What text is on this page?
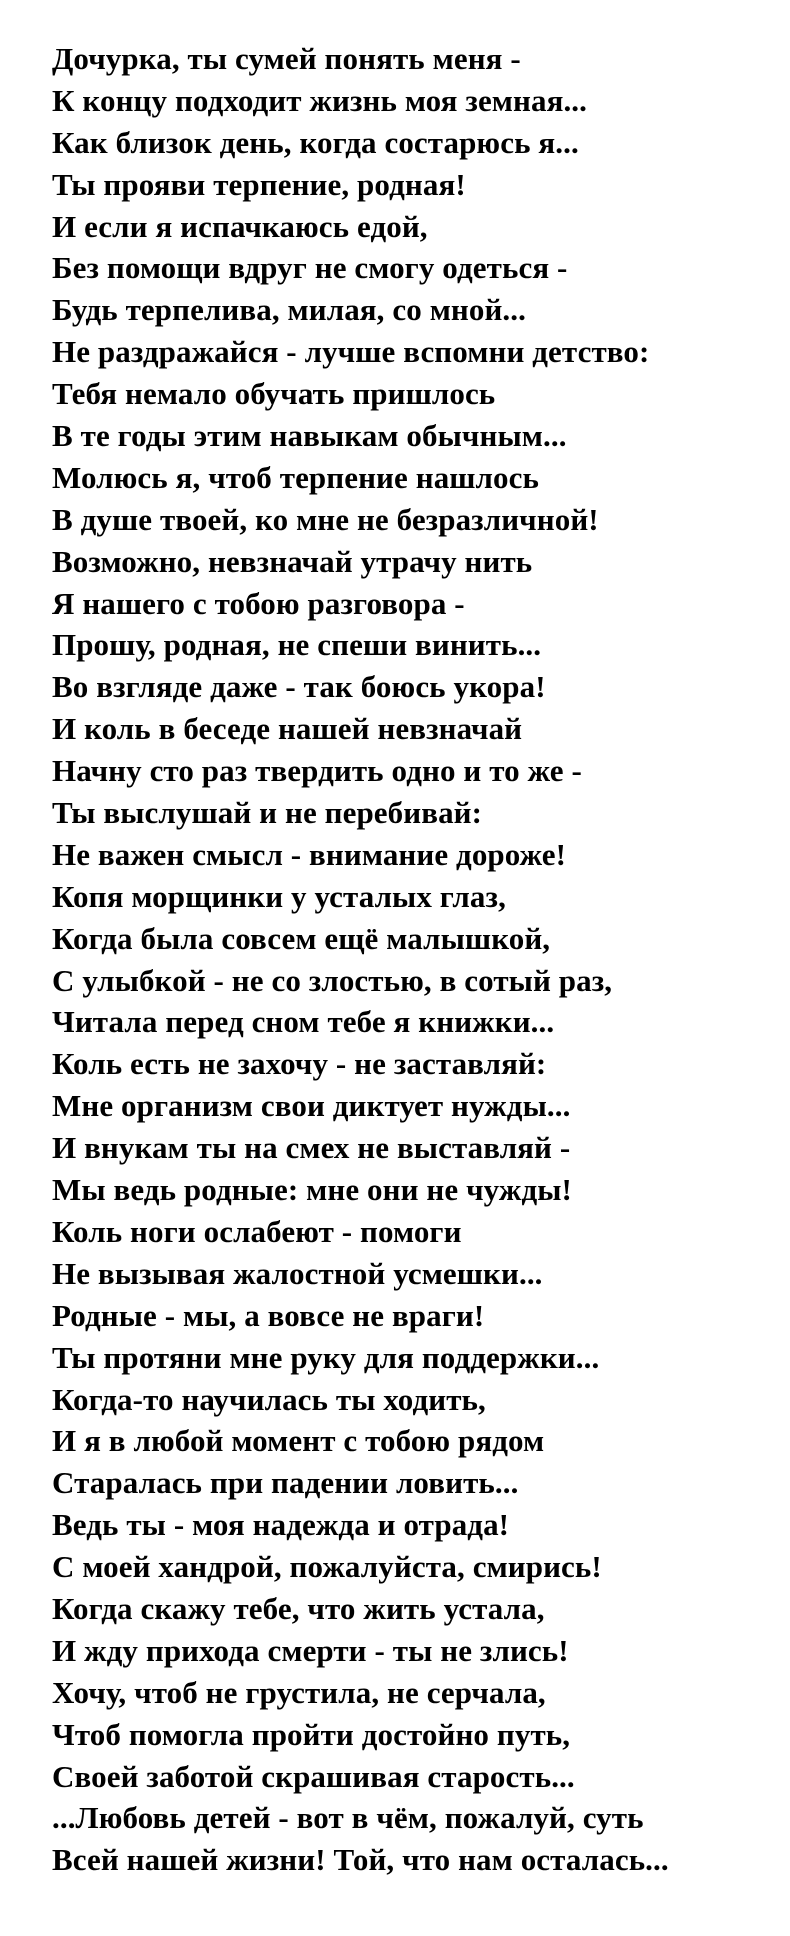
Дочурка, ты сумей понять меня -
К концу подходит жизнь моя земная...
Как близок день, когда состарюсь я...
Ты прояви терпение, родная!
И если я испачкаюсь едой,
Без помощи вдруг не смогу одеться -
Будь терпелива, милая, со мной...
Не раздражайся - лучше вспомни детство:
Тебя немало обучать пришлось
В те годы этим навыкам обычным...
Молюсь я, чтоб терпение нашлось
В душе твоей, ко мне не безразличной!
Возможно, невзначай утрачу нить
Я нашего с тобою разговора -
Прошу, родная, не спеши винить...
Во взгляде даже - так боюсь укора!
И коль в беседе нашей невзначай
Начну сто раз твердить одно и то же -
Ты выслушай и не перебивай:
Не важен смысл - внимание дороже!
Копя морщинки у усталых глаз,
Когда была совсем ещё малышкой,
С улыбкой - не со злостью, в сотый раз,
Читала перед сном тебе я книжки...
Коль есть не захочу - не заставляй:
Мне организм свои диктует нужды...
И внукам ты на смех не выставляй -
Мы ведь родные: мне они не чужды!
Коль ноги ослабеют - помоги
Не вызывая жалостной усмешки...
Родные - мы, а вовсе не враги!
Ты протяни мне руку для поддержки...
Когда-то научилась ты ходить,
И я в любой момент с тобою рядом
Старалась при падении ловить...
Ведь ты - моя надежда и отрада!
С моей хандрой, пожалуйста, смирись!
Когда скажу тебе, что жить устала,
И жду прихода смерти - ты не злись!
Хочу, чтоб не грустила, не серчала,
Чтоб помогла пройти достойно путь,
Своей заботой скрашивая старость...
...Любовь детей - вот в чём, пожалуй, суть
Всей нашей жизни! Той, что нам осталась...
